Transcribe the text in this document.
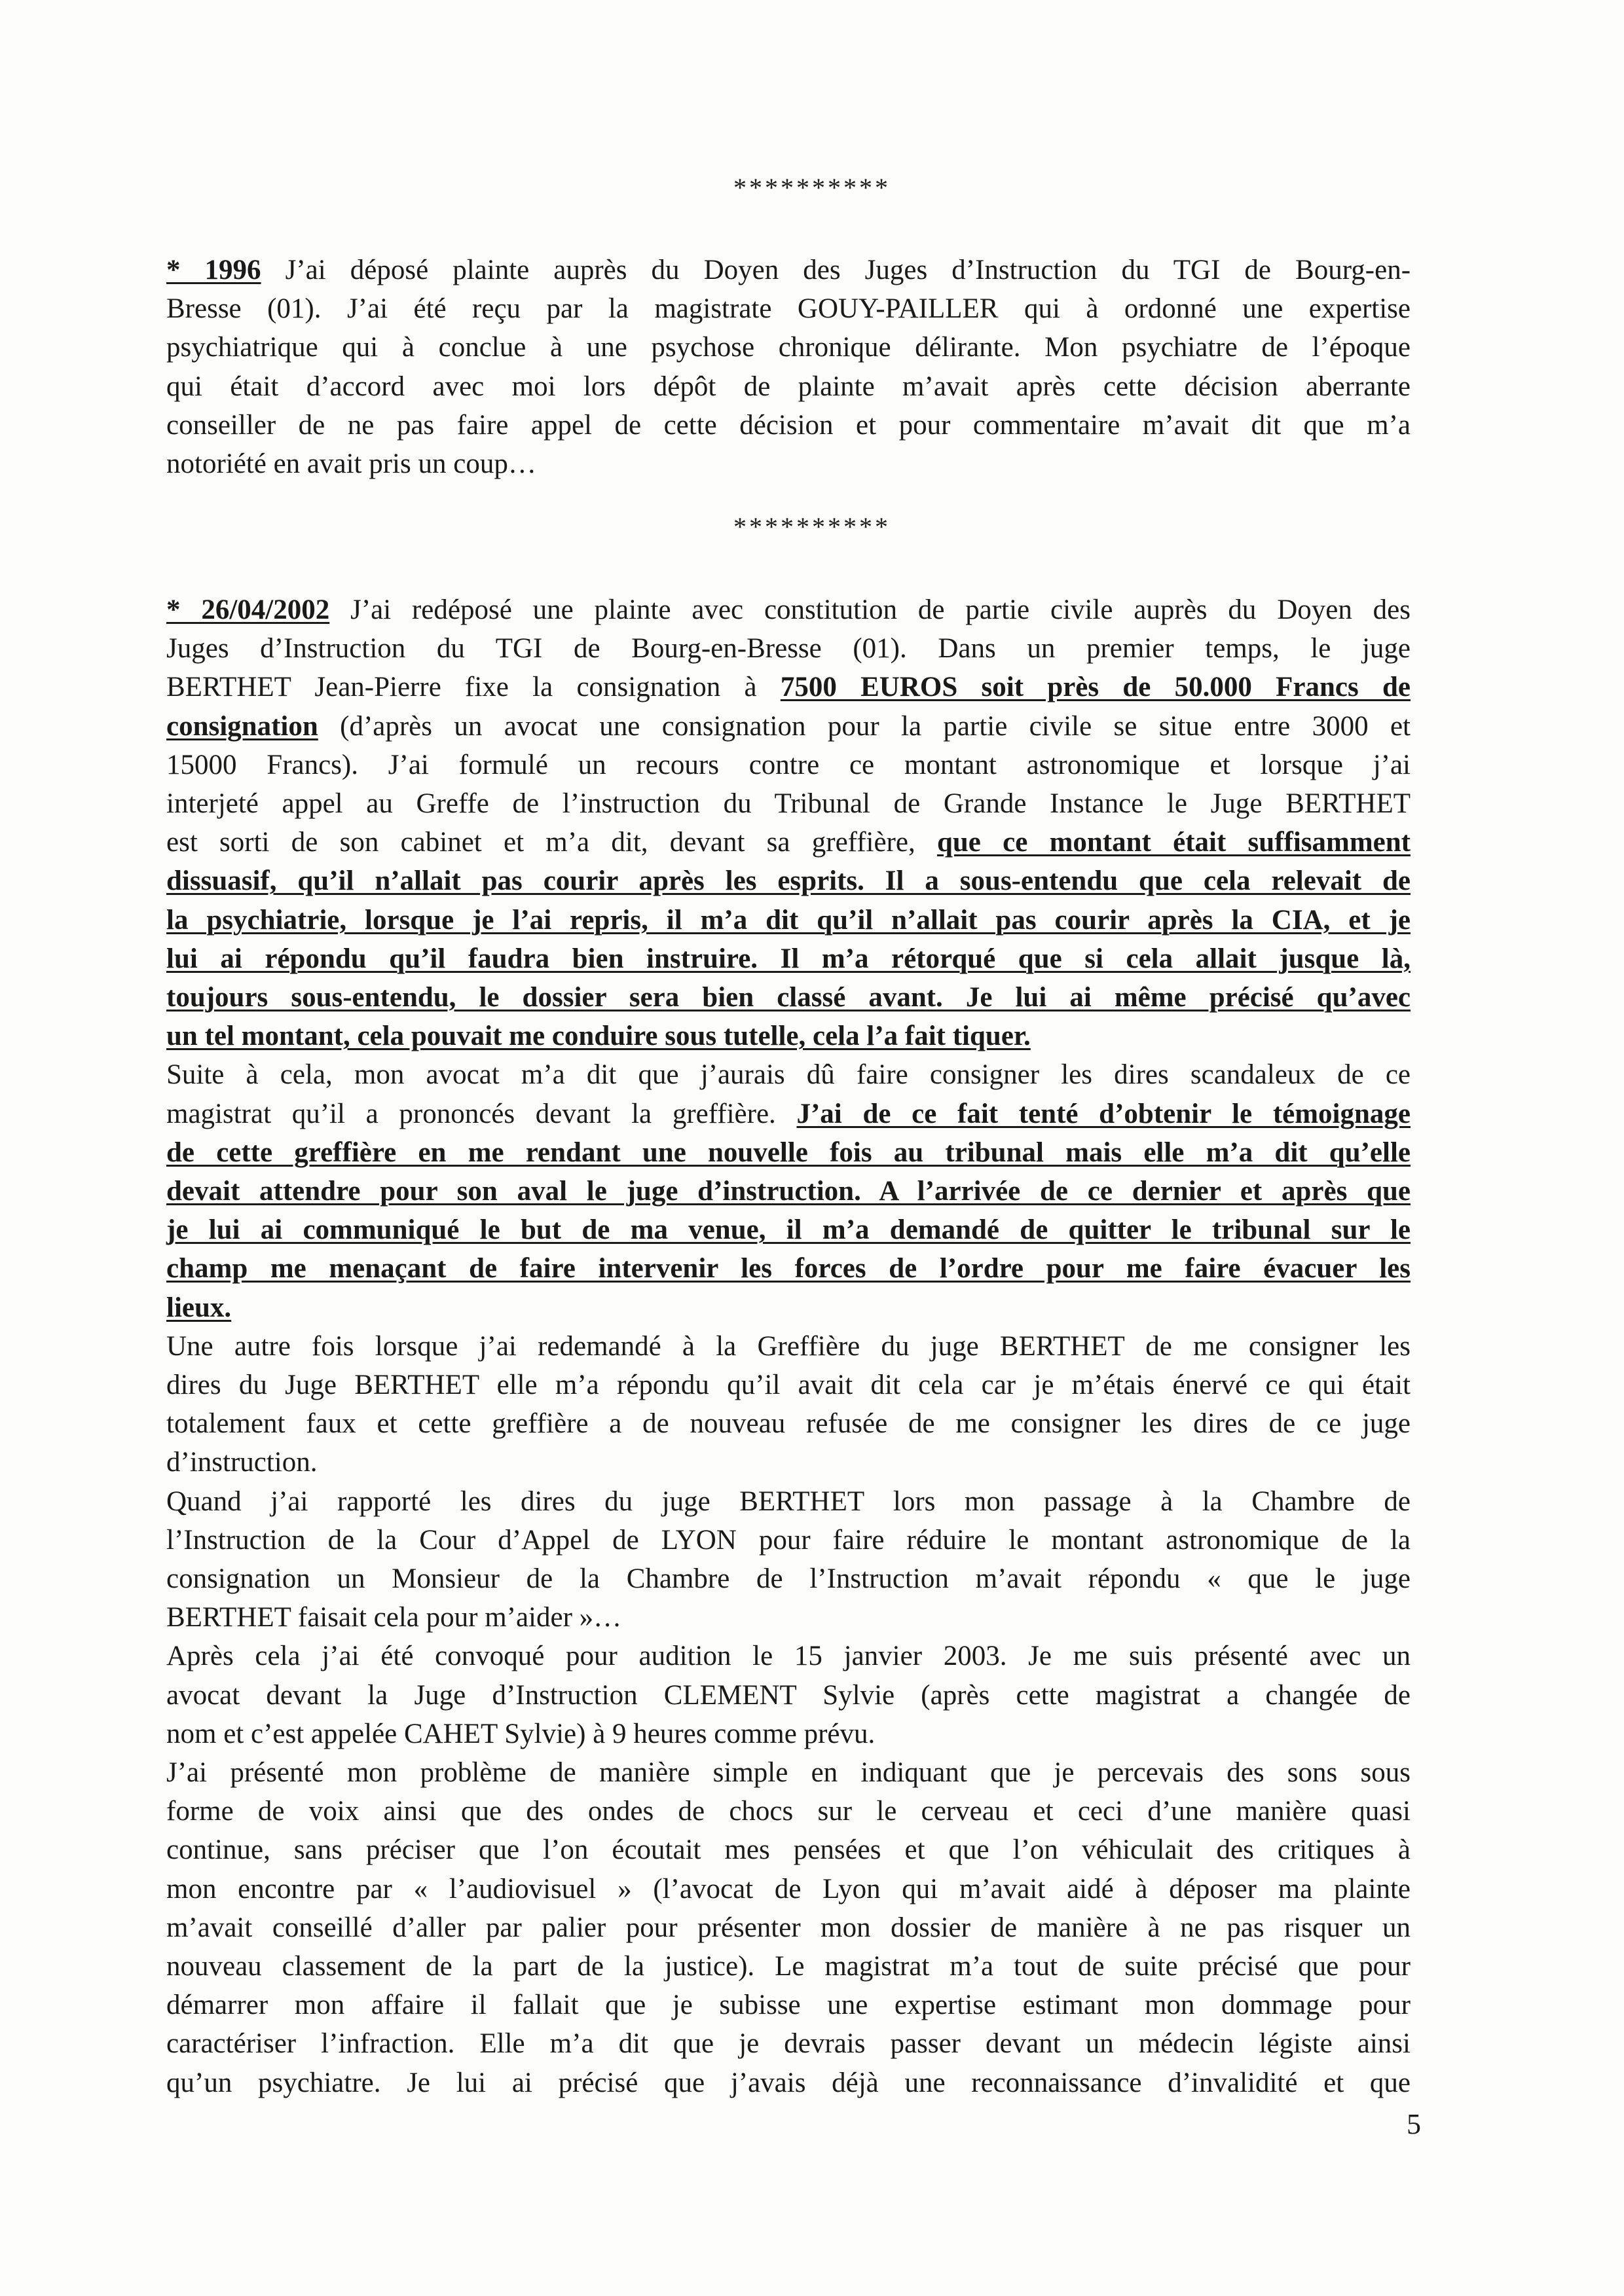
**********
* 1996 J’ai déposé plainte auprès du Doyen des Juges d’Instruction du TGI de Bourg-en-
Bresse (01). J’ai été reçu par la magistrate GOUY-PAILLER qui à ordonné une expertise
psychiatrique qui à conclue à une psychose chronique délirante. Mon psychiatre de l’époque
qui était d’accord avec moi lors dépôt de plainte m’avait après cette décision aberrante
conseiller de ne pas faire appel de cette décision et pour commentaire m’avait dit que m’a
notoriété en avait pris un coup…
**********
* 26/04/2002 J’ai redéposé une plainte avec constitution de partie civile auprès du Doyen des
Juges d’Instruction du TGI de Bourg-en-Bresse (01). Dans un premier temps, le juge
BERTHET Jean-Pierre fixe la consignation à 7500 EUROS soit près de 50.000 Francs de
consignation (d’après un avocat une consignation pour la partie civile se situe entre 3000 et
15000 Francs). J’ai formulé un recours contre ce montant astronomique et lorsque j’ai
interjeté appel au Greffe de l’instruction du Tribunal de Grande Instance le Juge BERTHET
est sorti de son cabinet et m’a dit, devant sa greffière, que ce montant était suffisamment
dissuasif, qu’il n’allait pas courir après les esprits. Il a sous-entendu que cela relevait de
la psychiatrie, lorsque je l’ai repris, il m’a dit qu’il n’allait pas courir après la CIA, et je
lui ai répondu qu’il faudra bien instruire. Il m’a rétorqué que si cela allait jusque là,
toujours sous-entendu, le dossier sera bien classé avant. Je lui ai même précisé qu’avec
un tel montant, cela pouvait me conduire sous tutelle, cela l’a fait tiquer.
Suite à cela, mon avocat m’a dit que j’aurais dû faire consigner les dires scandaleux de ce
magistrat qu’il a prononcés devant la greffière. J’ai de ce fait tenté d’obtenir le témoignage
de cette greffière en me rendant une nouvelle fois au tribunal mais elle m’a dit qu’elle
devait attendre pour son aval le juge d’instruction. A l’arrivée de ce dernier et après que
je lui ai communiqué le but de ma venue, il m’a demandé de quitter le tribunal sur le
champ me menaçant de faire intervenir les forces de l’ordre pour me faire évacuer les
lieux.
Une autre fois lorsque j’ai redemandé à la Greffière du juge BERTHET de me consigner les
dires du Juge BERTHET elle m’a répondu qu’il avait dit cela car je m’étais énervé ce qui était
totalement faux et cette greffière a de nouveau refusée de me consigner les dires de ce juge
d’instruction.
Quand j’ai rapporté les dires du juge BERTHET lors mon passage à la Chambre de
l’Instruction de la Cour d’Appel de LYON pour faire réduire le montant astronomique de la
consignation un Monsieur de la Chambre de l’Instruction m’avait répondu « que le juge
BERTHET faisait cela pour m’aider »…
Après cela j’ai été convoqué pour audition le 15 janvier 2003. Je me suis présenté avec un
avocat devant la Juge d’Instruction CLEMENT Sylvie (après cette magistrat a changée de
nom et c’est appelée CAHET Sylvie) à 9 heures comme prévu.
J’ai présenté mon problème de manière simple en indiquant que je percevais des sons sous
forme de voix ainsi que des ondes de chocs sur le cerveau et ceci d’une manière quasi
continue, sans préciser que l’on écoutait mes pensées et que l’on véhiculait des critiques à
mon encontre par « l’audiovisuel » (l’avocat de Lyon qui m’avait aidé à déposer ma plainte
m’avait conseillé d’aller par palier pour présenter mon dossier de manière à ne pas risquer un
nouveau classement de la part de la justice). Le magistrat m’a tout de suite précisé que pour
démarrer mon affaire il fallait que je subisse une expertise estimant mon dommage pour
caractériser l’infraction. Elle m’a dit que je devrais passer devant un médecin légiste ainsi
qu’un psychiatre. Je lui ai précisé que j’avais déjà une reconnaissance d’invalidité et que
5
